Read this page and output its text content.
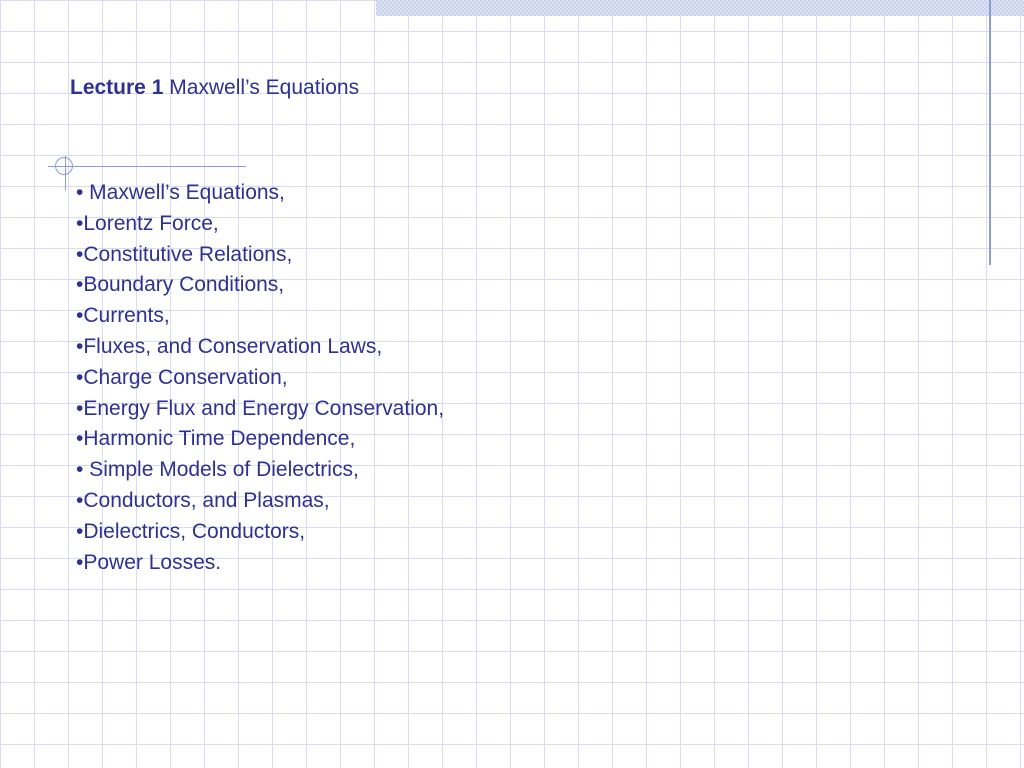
Lecture 1 Maxwell’s Equations
• Maxwell’s Equations,
•Lorentz Force,
•Constitutive Relations,
•Boundary Conditions,
•Currents,
•Fluxes, and Conservation Laws,
•Charge Conservation,
•Energy Flux and Energy Conservation,
•Harmonic Time Dependence,
• Simple Models of Dielectrics,
•Conductors, and Plasmas,
•Dielectrics, Conductors,
•Power Losses.
